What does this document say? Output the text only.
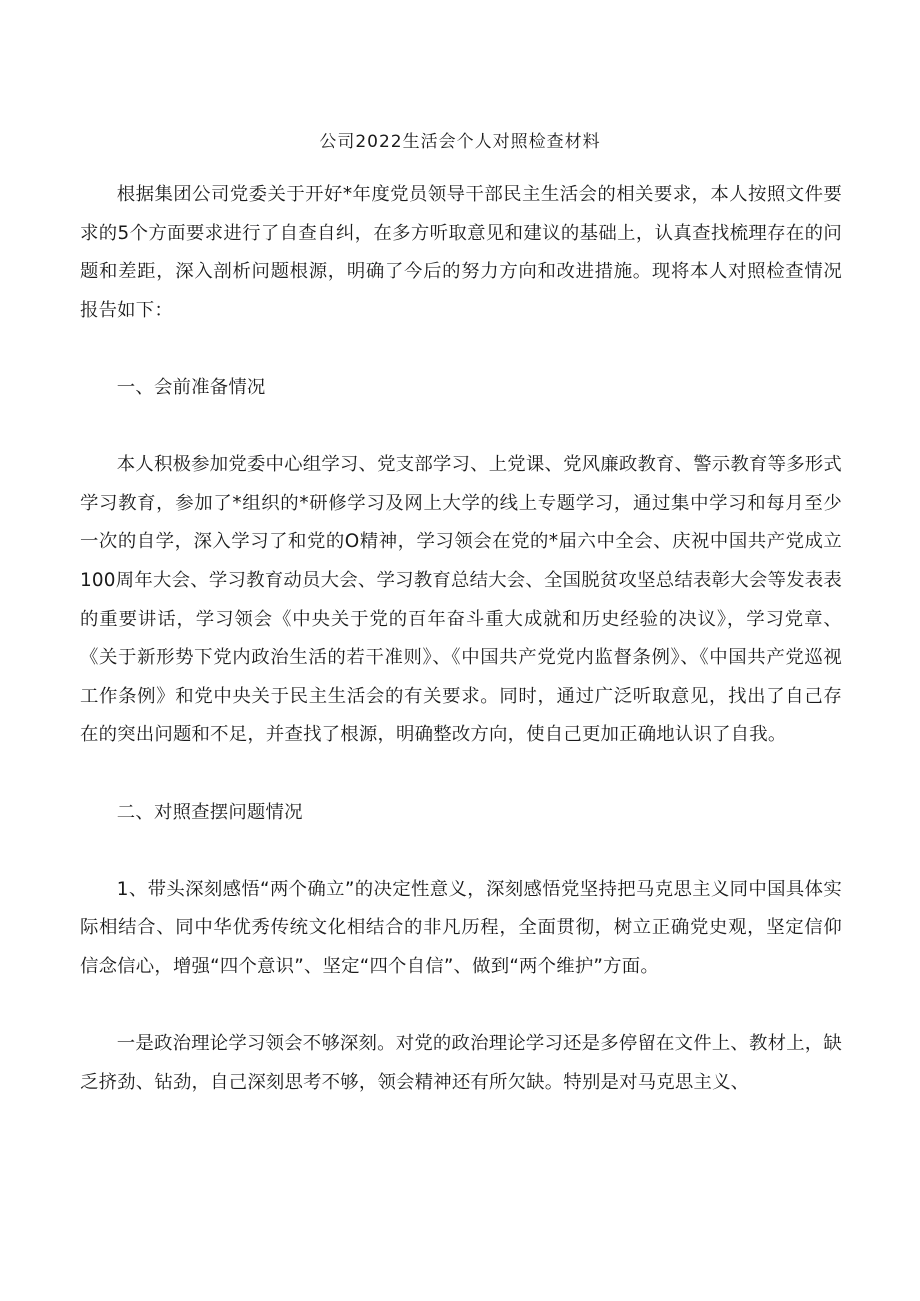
公司2022生活会个人对照检查材料

根据集团公司党委关于开好*年度党员领导干部民主生活会的相关要求，本人按照文件要求的5个方面要求进行了自查自纠，在多方听取意见和建议的基础上，认真查找梳理存在的问题和差距，深入剖析问题根源，明确了今后的努力方向和改进措施。现将本人对照检查情况报告如下：

一、会前准备情况

本人积极参加党委中心组学习、党支部学习、上党课、党风廉政教育、警示教育等多形式学习教育，参加了*组织的*研修学习及网上大学的线上专题学习，通过集中学习和每月至少一次的自学，深入学习了和党的O精神，学习领会在党的*届六中全会、庆祝中国共产党成立100周年大会、学习教育动员大会、学习教育总结大会、全国脱贫攻坚总结表彰大会等发表表的重要讲话，学习领会《中央关于党的百年奋斗重大成就和历史经验的决议》，学习党章、《关于新形势下党内政治生活的若干准则》、《中国共产党党内监督条例》、《中国共产党巡视工作条例》和党中央关于民主生活会的有关要求。同时，通过广泛听取意见，找出了自己存在的突出问题和不足，并查找了根源，明确整改方向，使自己更加正确地认识了自我。

二、对照查摆问题情况

1、带头深刻感悟“两个确立”的决定性意义，深刻感悟党坚持把马克思主义同中国具体实际相结合、同中华优秀传统文化相结合的非凡历程，全面贯彻，树立正确党史观，坚定信仰信念信心，增强“四个意识”、坚定“四个自信”、做到“两个维护”方面。

一是政治理论学习领会不够深刻。对党的政治理论学习还是多停留在文件上、教材上，缺乏挤劲、钻劲，自己深刻思考不够，领会精神还有所欠缺。特别是对马克思主义、
